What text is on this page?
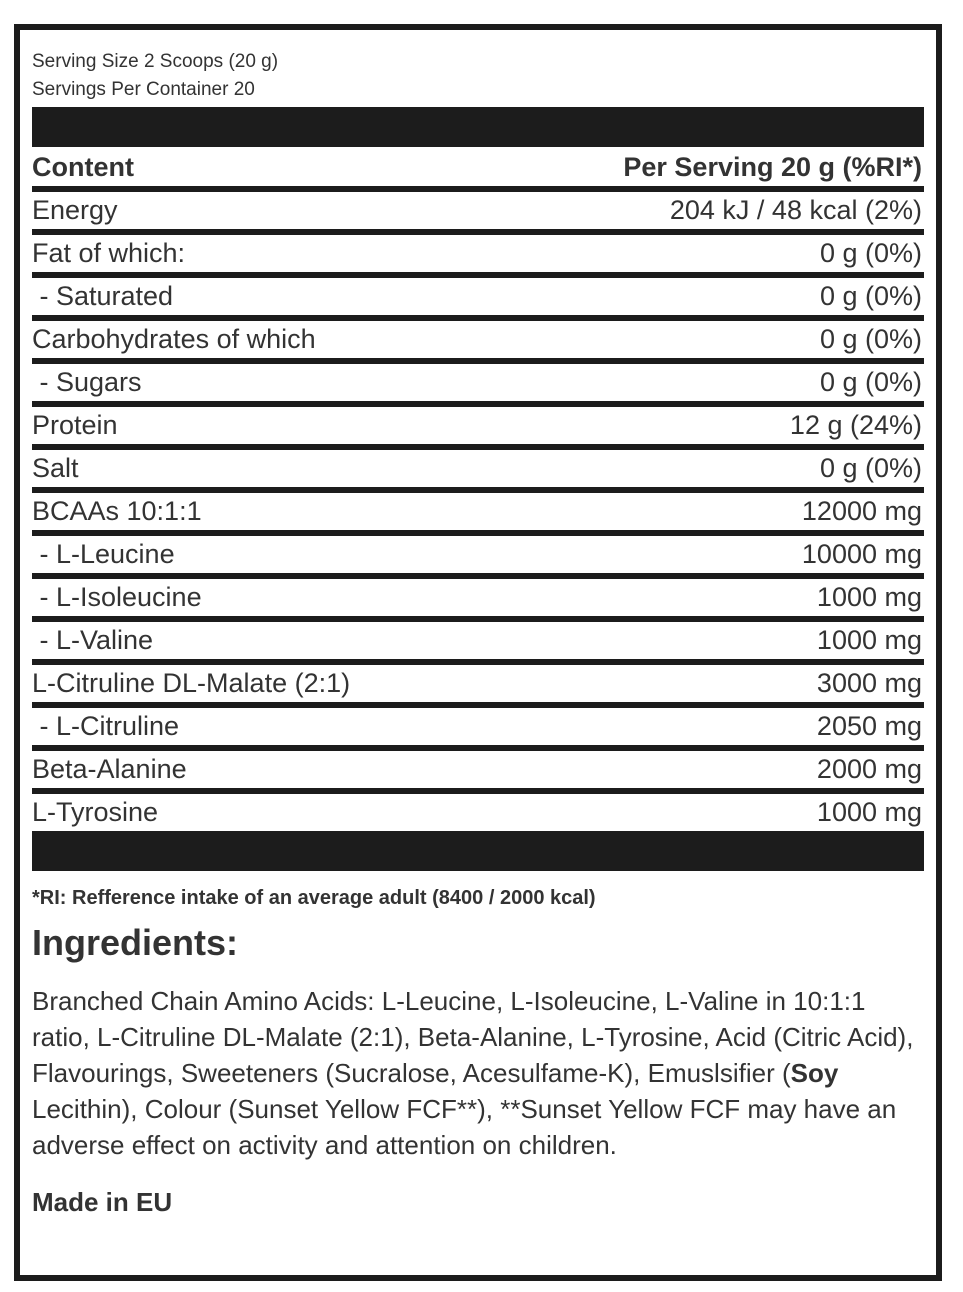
Serving Size 2 Scoops (20 g)
Servings Per Container 20
Content	Per Serving 20 g (%RI*)
Energy	204 kJ / 48 kcal (2%)
Fat of which:	0 g (0%)
- Saturated	0 g (0%)
Carbohydrates of which	0 g (0%)
- Sugars	0 g (0%)
Protein	12 g (24%)
Salt	0 g (0%)
BCAAs 10:1:1	12000 mg
- L-Leucine	10000 mg
- L-Isoleucine	1000 mg
- L-Valine	1000 mg
L-Citruline DL-Malate (2:1)	3000 mg
- L-Citruline	2050 mg
Beta-Alanine	2000 mg
L-Tyrosine	1000 mg
*RI: Refference intake of an average adult (8400 / 2000 kcal)
Ingredients:
Branched Chain Amino Acids: L-Leucine, L-Isoleucine, L-Valine in 10:1:1 ratio, L-Citruline DL-Malate (2:1), Beta-Alanine, L-Tyrosine, Acid (Citric Acid), Flavourings, Sweeteners (Sucralose, Acesulfame-K), Emuslsifier (Soy Lecithin), Colour (Sunset Yellow FCF**), **Sunset Yellow FCF may have an adverse effect on activity and attention on children.
Made in EU
